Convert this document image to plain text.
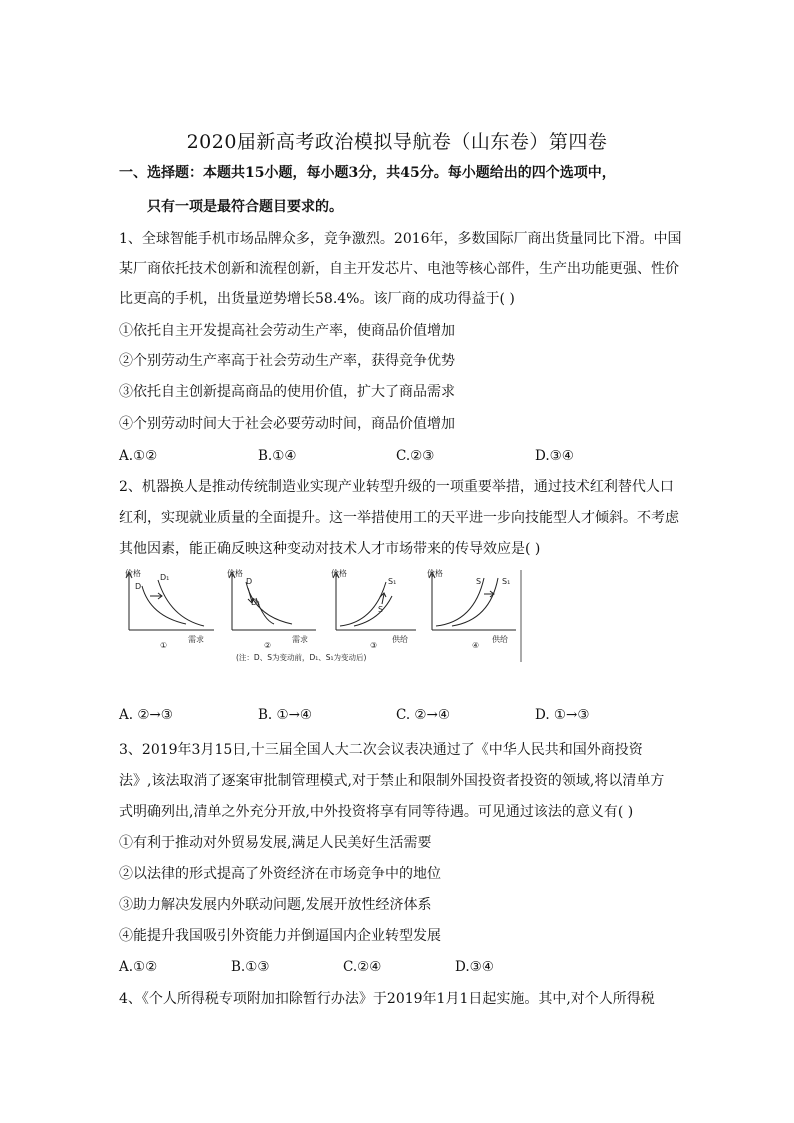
2020届新高考政治模拟导航卷（山东卷）第四卷
一、选择题：本题共15小题，每小题3分，共45分。每小题给出的四个选项中，
只有一项是最符合题目要求的。
1、全球智能手机市场品牌众多，竞争激烈。2016年，多数国际厂商出货量同比下滑。中国
某厂商依托技术创新和流程创新，自主开发芯片、电池等核心部件，生产出功能更强、性价
比更高的手机，出货量逆势增长58.4%。该厂商的成功得益于( )
①依托自主开发提高社会劳动生产率，使商品价值增加
②个别劳动生产率高于社会劳动生产率，获得竞争优势
③依托自主创新提高商品的使用价值，扩大了商品需求
④个别劳动时间大于社会必要劳动时间，商品价值增加
A.①②	B.①④	C.②③	D.③④
2、机器换人是推动传统制造业实现产业转型升级的一项重要举措，通过技术红利替代人口
红利，实现就业质量的全面提升。这一举措使用工的天平进一步向技能型人才倾斜。不考虑
其他因素，能正确反映这种变动对技术人才市场带来的传导效应是( )
价格
需求
①
D
D₁	价格
需求
②
D
D₁
价格
供给
③
S
S₁
价格
供给
④
S	S₁
(注：D、S为变动前，D₁、S₁为变动后)
A. ②→③	B. ①→④	C. ②→④	D. ①→③
3、2019年3月15日,十三届全国人大二次会议表决通过了《中华人民共和国外商投资
法》,该法取消了逐案审批制管理模式,对于禁止和限制外国投资者投资的领域,将以清单方
式明确列出,清单之外充分开放,中外投资将享有同等待遇。可见通过该法的意义有( )
①有利于推动对外贸易发展,满足人民美好生活需要
②以法律的形式提高了外资经济在市场竞争中的地位
③助力解决发展内外联动问题,发展开放性经济体系
④能提升我国吸引外资能力并倒逼国内企业转型发展
A.①②	B.①③	C.②④	D.③④
4、《个人所得税专项附加扣除暂行办法》于2019年1月1日起实施。其中,对个人所得税
